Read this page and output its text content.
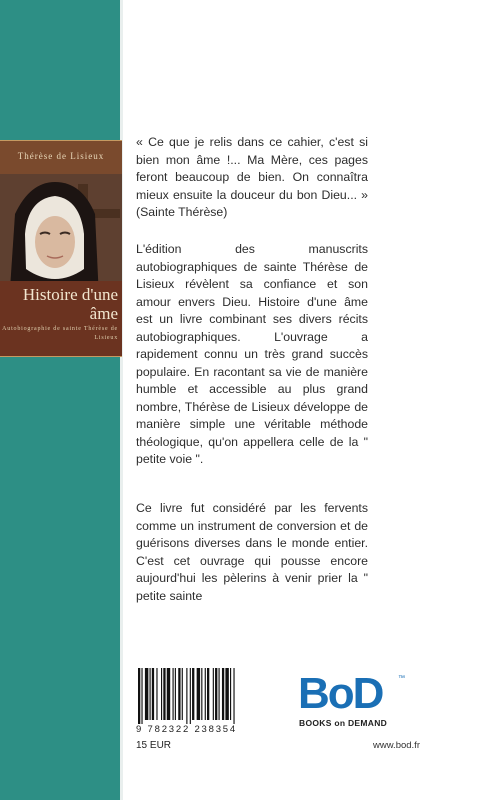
Thérèse de Lisieux
Histoire d'une âme
Autobiographie de sainte Thérèse de Lisieux
« Ce que je relis dans ce cahier, c'est si bien mon âme !... Ma Mère, ces pages feront beaucoup de bien. On connaîtra mieux ensuite la douceur du bon Dieu... » (Sainte Thérèse)
L'édition des manuscrits autobiographiques de sainte Thérèse de Lisieux révèlent sa confiance et son amour envers Dieu. Histoire d'une âme est un livre combinant ses divers récits autobiographiques. L'ouvrage a rapidement connu un très grand succès populaire. En racontant sa vie de manière humble et accessible au plus grand nombre, Thérèse de Lisieux développe de manière simple une véritable méthode théologique, qu'on appellera celle de la " petite voie ".
Ce livre fut considéré par les fervents comme un instrument de conversion et de guérisons diverses dans le monde entier. C'est cet ouvrage qui pousse encore aujourd'hui les pèlerins à venir prier la " petite sainte
9 782322 238354
15 EUR
BoD ™
BOOKS on DEMAND
www.bod.fr
